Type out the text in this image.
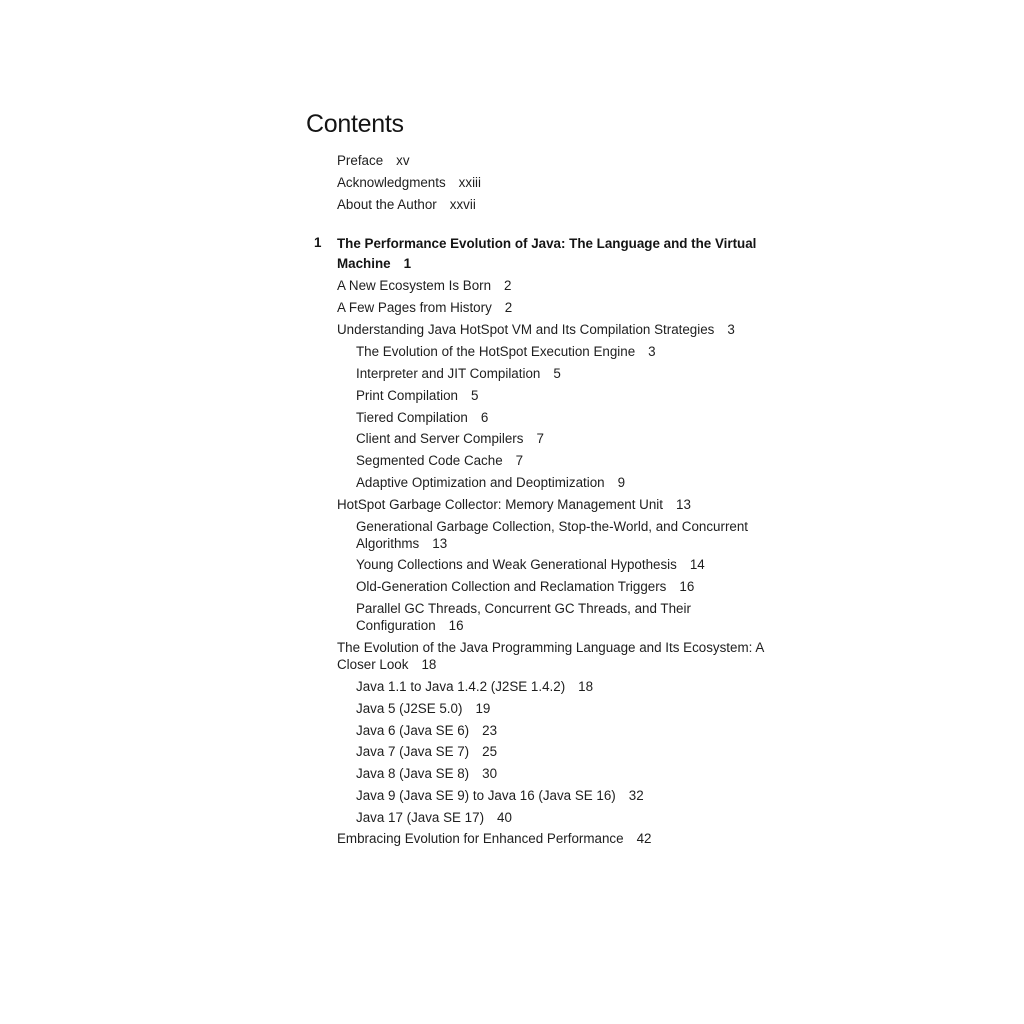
Contents
Preface xv
Acknowledgments xxiii
About the Author xxvii
1 The Performance Evolution of Java: The Language and the Virtual
Machine 1
A New Ecosystem Is Born 2
A Few Pages from History 2
Understanding Java HotSpot VM and Its Compilation Strategies 3
The Evolution of the HotSpot Execution Engine 3
Interpreter and JIT Compilation 5
Print Compilation 5
Tiered Compilation 6
Client and Server Compilers 7
Segmented Code Cache 7
Adaptive Optimization and Deoptimization 9
HotSpot Garbage Collector: Memory Management Unit 13
Generational Garbage Collection, Stop-the-World, and Concurrent
Algorithms 13
Young Collections and Weak Generational Hypothesis 14
Old-Generation Collection and Reclamation Triggers 16
Parallel GC Threads, Concurrent GC Threads, and Their
Configuration 16
The Evolution of the Java Programming Language and Its Ecosystem: A
Closer Look 18
Java 1.1 to Java 1.4.2 (J2SE 1.4.2) 18
Java 5 (J2SE 5.0) 19
Java 6 (Java SE 6) 23
Java 7 (Java SE 7) 25
Java 8 (Java SE 8) 30
Java 9 (Java SE 9) to Java 16 (Java SE 16) 32
Java 17 (Java SE 17) 40
Embracing Evolution for Enhanced Performance 42
